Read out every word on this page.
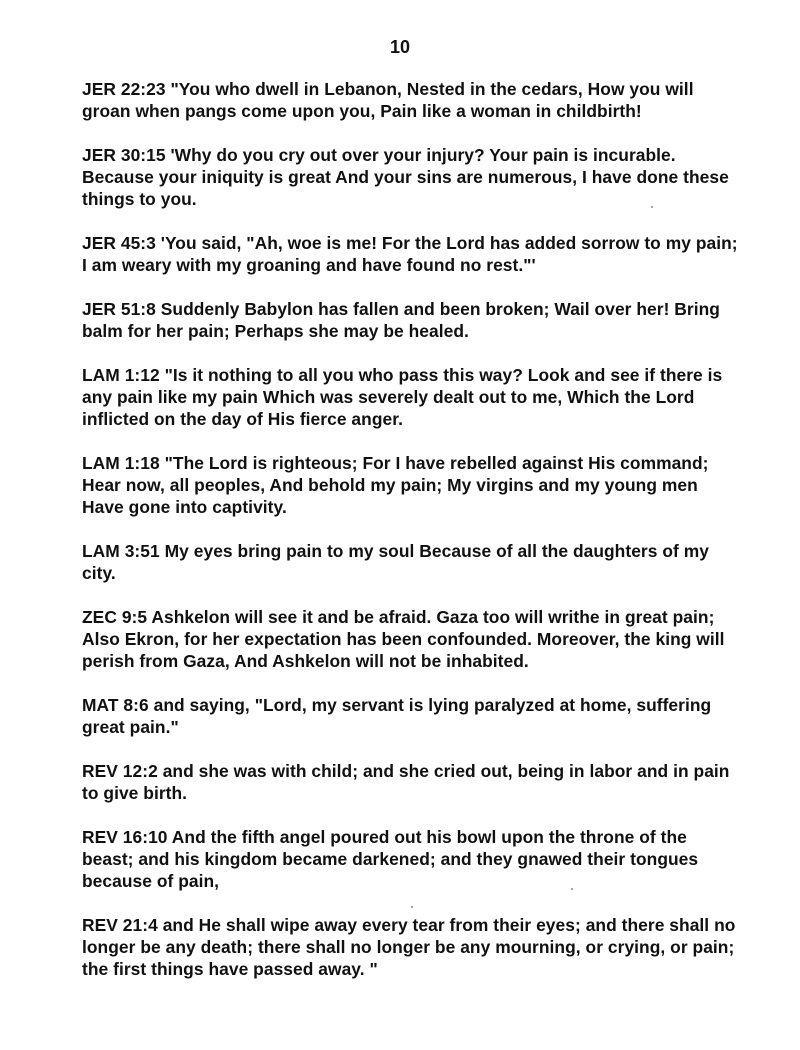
10

JER 22:23 "You who dwell in Lebanon, Nested in the cedars, How you will groan when pangs come upon you, Pain like a woman in childbirth!

JER 30:15 'Why do you cry out over your injury? Your pain is incurable. Because your iniquity is great And your sins are numerous, I have done these things to you.

JER 45:3 'You said, "Ah, woe is me! For the Lord has added sorrow to my pain; I am weary with my groaning and have found no rest."'

JER 51:8 Suddenly Babylon has fallen and been broken; Wail over her! Bring balm for her pain; Perhaps she may be healed.

LAM 1:12 "Is it nothing to all you who pass this way? Look and see if there is any pain like my pain Which was severely dealt out to me, Which the Lord inflicted on the day of His fierce anger.

LAM 1:18 "The Lord is righteous; For I have rebelled against His command; Hear now, all peoples, And behold my pain; My virgins and my young men Have gone into captivity.

LAM 3:51 My eyes bring pain to my soul Because of all the daughters of my city.

ZEC 9:5 Ashkelon will see it and be afraid. Gaza too will writhe in great pain; Also Ekron, for her expectation has been confounded. Moreover, the king will perish from Gaza, And Ashkelon will not be inhabited.

MAT 8:6 and saying, "Lord, my servant is lying paralyzed at home, suffering great pain."

REV 12:2 and she was with child; and she cried out, being in labor and in pain to give birth.

REV 16:10 And the fifth angel poured out his bowl upon the throne of the beast; and his kingdom became darkened; and they gnawed their tongues because of pain,

REV 21:4 and He shall wipe away every tear from their eyes; and there shall no longer be any death; there shall no longer be any mourning, or crying, or pain; the first things have passed away. "
